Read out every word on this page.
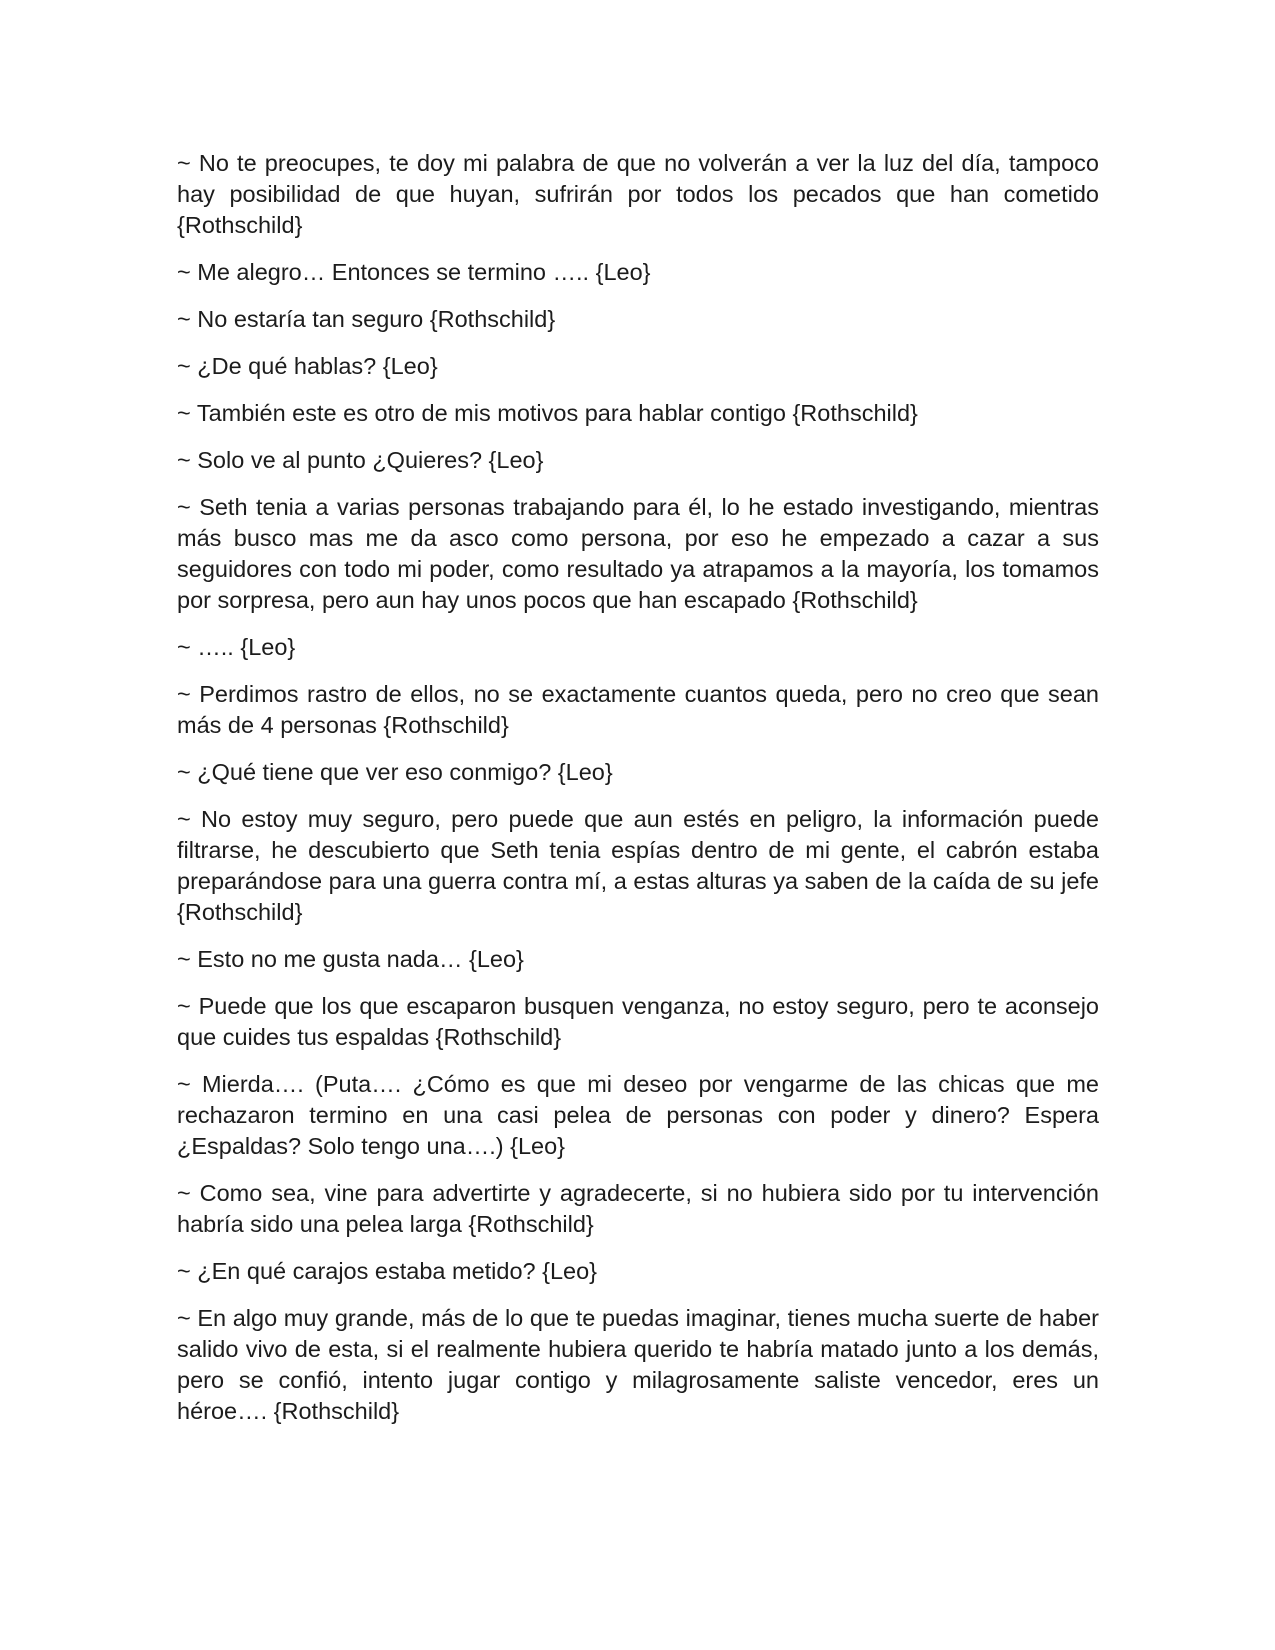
~ No te preocupes, te doy mi palabra de que no volverán a ver la luz del día, tampoco hay posibilidad de que huyan, sufrirán por todos los pecados que han cometido {Rothschild}

~ Me alegro… Entonces se termino ….. {Leo}

~ No estaría tan seguro {Rothschild}

~ ¿De qué hablas? {Leo}

~ También este es otro de mis motivos para hablar contigo {Rothschild}

~ Solo ve al punto ¿Quieres? {Leo}

~ Seth tenia a varias personas trabajando para él, lo he estado investigando, mientras más busco mas me da asco como persona, por eso he empezado a cazar a sus seguidores con todo mi poder, como resultado ya atrapamos a la mayoría, los tomamos por sorpresa, pero aun hay unos pocos que han escapado {Rothschild}

~ ….. {Leo}

~ Perdimos rastro de ellos, no se exactamente cuantos queda, pero no creo que sean más de 4 personas {Rothschild}

~ ¿Qué tiene que ver eso conmigo? {Leo}

~ No estoy muy seguro, pero puede que aun estés en peligro, la información puede filtrarse, he descubierto que Seth tenia espías dentro de mi gente, el cabrón estaba preparándose para una guerra contra mí, a estas alturas ya saben de la caída de su jefe {Rothschild}

~ Esto no me gusta nada… {Leo}

~ Puede que los que escaparon busquen venganza, no estoy seguro, pero te aconsejo que cuides tus espaldas {Rothschild}

~ Mierda…. (Puta…. ¿Cómo es que mi deseo por vengarme de las chicas que me rechazaron termino en una casi pelea de personas con poder y dinero? Espera ¿Espaldas? Solo tengo una….) {Leo}

~ Como sea, vine para advertirte y agradecerte, si no hubiera sido por tu intervención habría sido una pelea larga {Rothschild}

~ ¿En qué carajos estaba metido? {Leo}

~ En algo muy grande, más de lo que te puedas imaginar, tienes mucha suerte de haber salido vivo de esta, si el realmente hubiera querido te habría matado junto a los demás, pero se confió, intento jugar contigo y milagrosamente saliste vencedor, eres un héroe…. {Rothschild}
